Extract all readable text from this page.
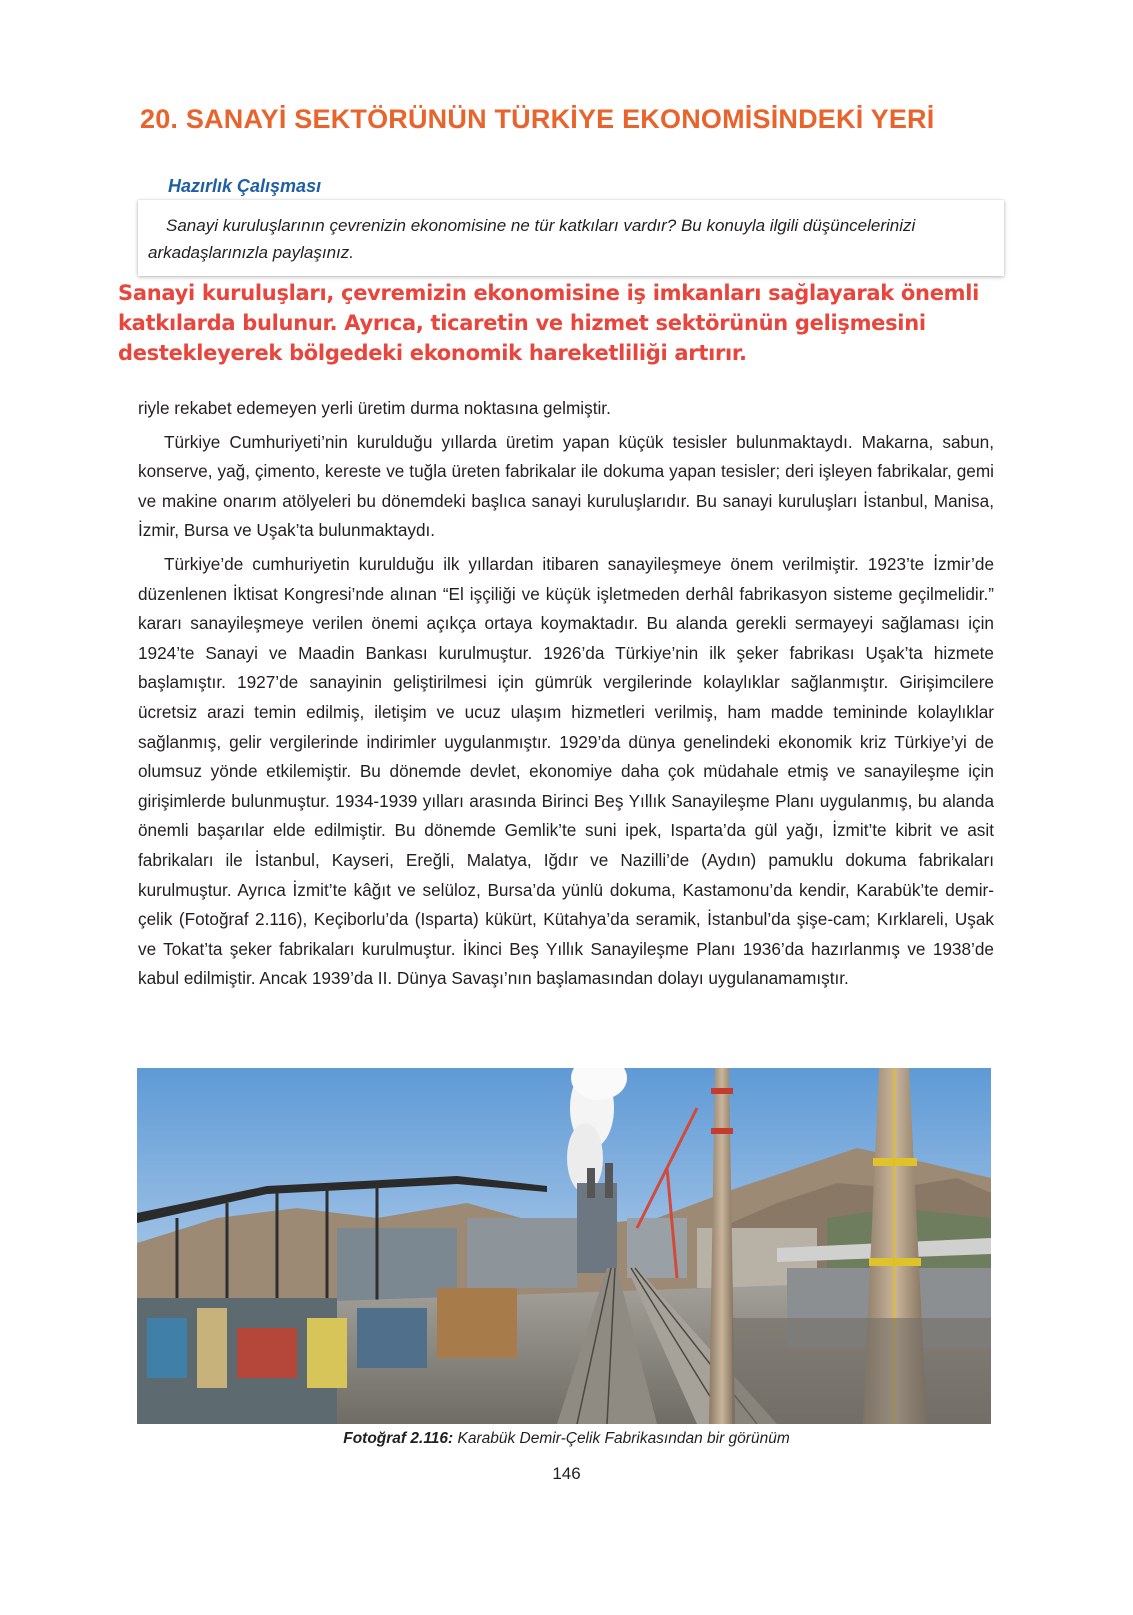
20. SANAYİ SEKTÖRÜNÜN TÜRKİYE EKONOMİSİNDEKİ YERİ
Hazırlık Çalışması
Sanayi kuruluşlarının çevrenizin ekonomisine ne tür katkıları vardır? Bu konuyla ilgili düşüncelerinizi arkadaşlarınızla paylaşınız.
Sanayi kuruluşları, çevremizin ekonomisine iş imkanları sağlayarak önemli
katkılarda bulunur. Ayrıca, ticaretin ve hizmet sektörünün gelişmesini
destekleyerek bölgedeki ekonomik hareketliliği artırır.

riyle rekabet edemeyen yerli üretim durma noktasına gelmiştir.

Türkiye Cumhuriyeti’nin kurulduğu yıllarda üretim yapan küçük tesisler bulunmaktaydı. Makarna, sabun, konserve, yağ, çimento, kereste ve tuğla üreten fabrikalar ile dokuma yapan tesisler; deri işleyen fabrikalar, gemi ve makine onarım atölyeleri bu dönemdeki başlıca sanayi kuruluşlarıdır. Bu sanayi kuruluşları İstanbul, Manisa, İzmir, Bursa ve Uşak’ta bulunmaktaydı.

Türkiye’de cumhuriyetin kurulduğu ilk yıllardan itibaren sanayileşmeye önem verilmiştir. 1923’te İzmir’de düzenlenen İktisat Kongresi’nde alınan “El işçiliği ve küçük işletmeden derhâl fabrikasyon sisteme geçilmelidir.” kararı sanayileşmeye verilen önemi açıkça ortaya koymaktadır. Bu alanda gerekli sermayeyi sağlaması için 1924’te Sanayi ve Maadin Bankası kurulmuştur. 1926’da Türkiye’nin ilk şeker fabrikası Uşak’ta hizmete başlamıştır. 1927’de sanayinin geliştirilmesi için gümrük vergilerinde kolaylıklar sağlanmıştır. Girişimcilere ücretsiz arazi temin edilmiş, iletişim ve ucuz ulaşım hizmetleri verilmiş, ham madde temininde kolaylıklar sağlanmış, gelir vergilerinde indirimler uygulanmıştır. 1929’da dünya genelindeki ekonomik kriz Türkiye’yi de olumsuz yönde etkilemiştir. Bu dönemde devlet, ekonomiye daha çok müdahale etmiş ve sanayileşme için girişimlerde bulunmuştur. 1934-1939 yılları arasında Birinci Beş Yıllık Sanayileşme Planı uygulanmış, bu alanda önemli başarılar elde edilmiştir. Bu dönemde Gemlik’te suni ipek, Isparta’da gül yağı, İzmit’te kibrit ve asit fabrikaları ile İstanbul, Kayseri, Ereğli, Malatya, Iğdır ve Nazilli’de (Aydın) pamuklu dokuma fabrikaları kurulmuştur. Ayrıca İzmit’te kâğıt ve selüloz, Bursa’da yünlü dokuma, Kastamonu’da kendir, Karabük’te demir-çelik (Fotoğraf 2.116), Keçiborlu’da (Isparta) kükürt, Kütahya’da seramik, İstanbul’da şişe-cam; Kırklareli, Uşak ve Tokat’ta şeker fabrikaları kurulmuştur. İkinci Beş Yıllık Sanayileşme Planı 1936’da hazırlanmış ve 1938’de kabul edilmiştir. Ancak 1939’da II. Dünya Savaşı’nın başlamasından dolayı uygulanamamıştır.

Fotoğraf 2.116: Karabük Demir-Çelik Fabrikasından bir görünüm
146
